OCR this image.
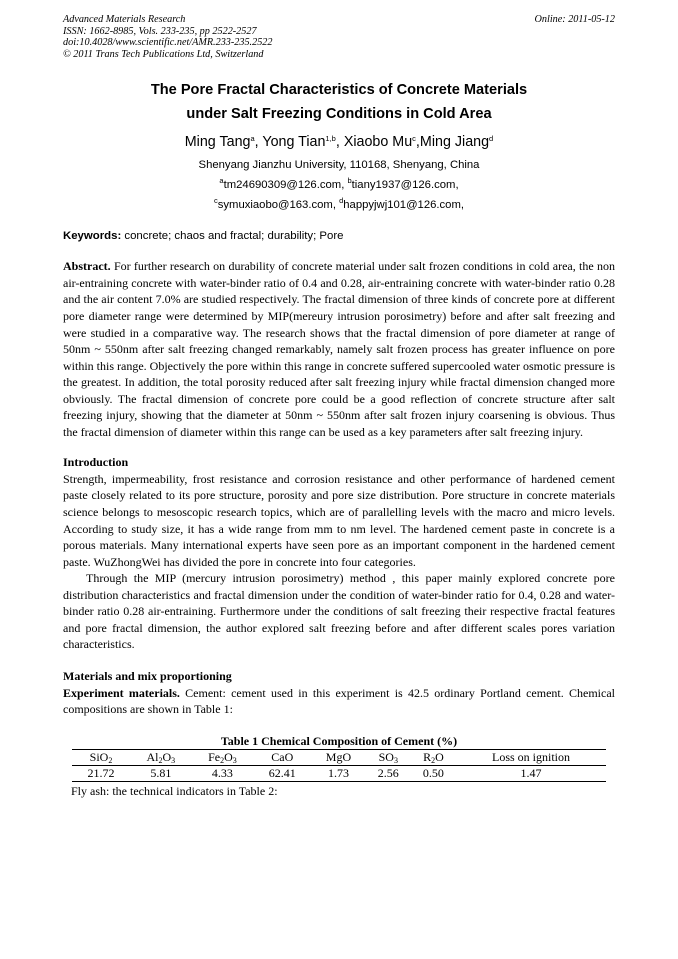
Advanced Materials Research
ISSN: 1662-8985, Vols. 233-235, pp 2522-2527
doi:10.4028/www.scientific.net/AMR.233-235.2522
© 2011 Trans Tech Publications Ltd, Switzerland
Online: 2011-05-12
The Pore Fractal Characteristics of Concrete Materials
under Salt Freezing Conditions in Cold Area
Ming Tang$^a$, Yong Tian$^{1,b}$, Xiaobo Mu$^c$,Ming Jiang$^d$
Shenyang Jianzhu University, 110168, Shenyang, China
$^a$tm24690309@126.com, $^b$tiany1937@126.com,
$^c$symuxiaobo@163.com, $^d$happyjwj101@126.com,
Keywords: concrete; chaos and fractal; durability; Pore

Abstract. For further research on durability of concrete material under salt frozen conditions in cold area, the non air-entraining concrete with water-binder ratio of 0.4 and 0.28, air-entraining concrete with water-binder ratio 0.28 and the air content 7.0% are studied respectively. The fractal dimension of three kinds of concrete pore at different pore diameter range were determined by MIP(mereury intrusion porosimetry) before and after salt freezing and were studied in a comparative way. The research shows that the fractal dimension of pore diameter at range of 50nm ~ 550nm after salt freezing changed remarkably, namely salt frozen process has greater influence on pore within this range. Objectively the pore within this range in concrete suffered supercooled water osmotic pressure is the greatest. In addition, the total porosity reduced after salt freezing injury while fractal dimension changed more obviously. The fractal dimension of concrete pore could be a good reflection of concrete structure after salt freezing injury, showing that the diameter at 50nm ~ 550nm after salt frozen injury coarsening is obvious. Thus the fractal dimension of diameter within this range can be used as a key parameters after salt freezing injury.

Introduction

Strength, impermeability, frost resistance and corrosion resistance and other performance of hardened cement paste closely related to its pore structure, porosity and pore size distribution. Pore structure in concrete materials science belongs to mesoscopic research topics, which are of parallelling levels with the macro and micro levels. According to study size, it has a wide range from mm to nm level. The hardened cement paste in concrete is a porous materials. Many international experts have seen pore as an important component in the hardened cement paste. WuZhongWei has divided the pore in concrete into four categories.

Through the MIP (mercury intrusion porosimetry) method , this paper mainly explored concrete pore distribution characteristics and fractal dimension under the condition of water-binder ratio for 0.4, 0.28 and water-binder ratio 0.28 air-entraining. Furthermore under the conditions of salt freezing their respective fractal features and pore fractal dimension, the author explored salt freezing before and after different scales pores variation characteristics.

Materials and mix proportioning

Experiment materials. Cement: cement used in this experiment is 42.5 ordinary Portland cement. Chemical compositions are shown in Table 1:

Table 1 Chemical Composition of Cement (%)
SiO$_2$	$Al_2O_3$	$Fe_2O_3$	CaO	MgO	$SO_3$	$R_2O$	Loss on ignition
21.72	5.81	4.33	62.41	1.73	2.56	0.50	1.47
Fly ash: the technical indicators in Table 2:
